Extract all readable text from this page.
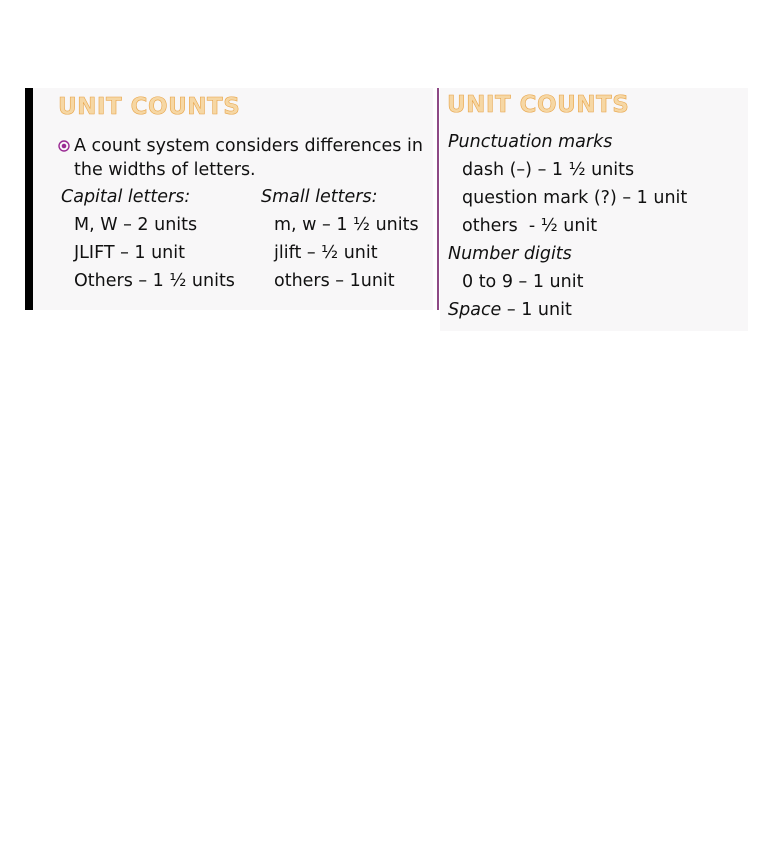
UNIT COUNTS
A count system considers differences in the widths of letters.
Capital letters:
M, W – 2 units
JLIFT – 1 unit
Others – 1 ½ units
Small letters:
m, w – 1 ½ units
jlift – ½ unit
others – 1unit
UNIT COUNTS
Punctuation marks
dash (–) – 1 ½ units
question mark (?) – 1 unit
others  - ½ unit
Number digits
0 to 9 – 1 unit
Space – 1 unit
